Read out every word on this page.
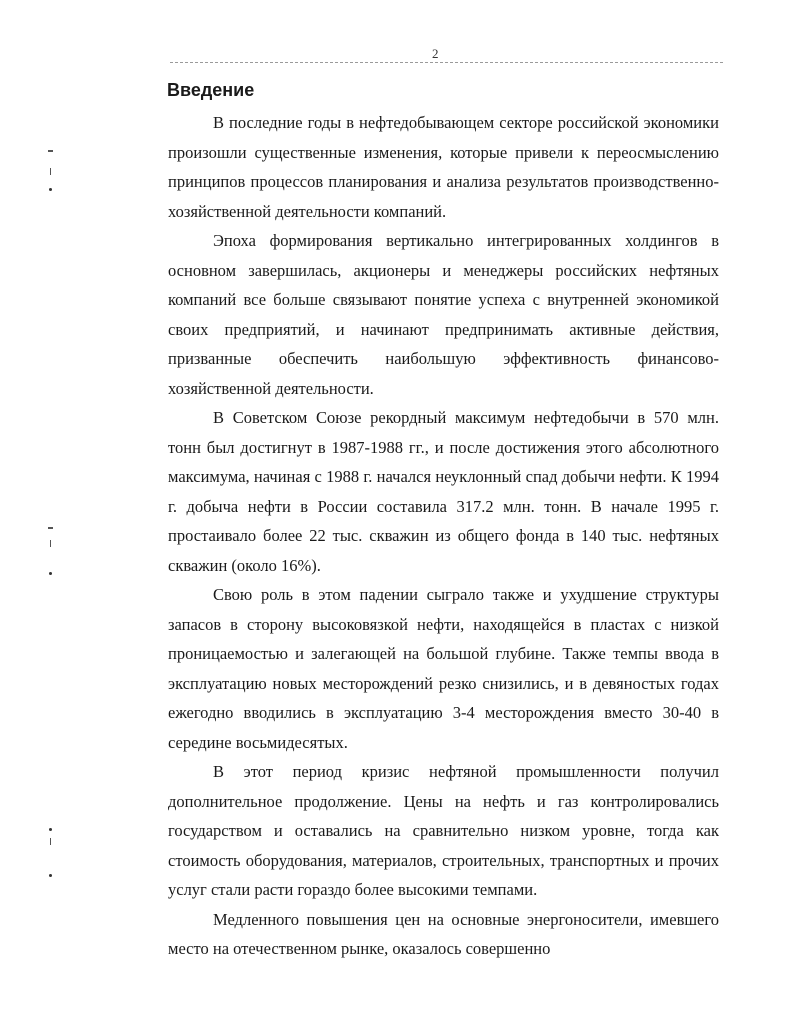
2
Введение

В последние годы в нефтедобывающем секторе российской экономики произошли существенные изменения, которые привели к переосмыслению принципов процессов планирования и анализа результатов производственно-хозяйственной деятельности компаний.

Эпоха формирования вертикально интегрированных холдингов в основном завершилась, акционеры и менеджеры российских нефтяных компаний все больше связывают понятие успеха с внутренней экономикой своих предприятий, и начинают предпринимать активные действия, призванные обеспечить наибольшую эффективность финансово-хозяйственной деятельности.

В Советском Союзе рекордный максимум нефтедобычи в 570 млн. тонн был достигнут в 1987-1988 гг., и после достижения этого абсолютного максимума, начиная с 1988 г. начался неуклонный спад добычи нефти. К 1994 г. добыча нефти в России составила 317.2 млн. тонн. В начале 1995 г. простаивало более 22 тыс. скважин из общего фонда в 140 тыс. нефтяных скважин (около 16%).

Свою роль в этом падении сыграло также и ухудшение структуры запасов в сторону высоковязкой нефти, находящейся в пластах с низкой проницаемостью и залегающей на большой глубине. Также темпы ввода в эксплуатацию новых месторождений резко снизились, и в девяностых годах ежегодно вводились в эксплуатацию 3-4 месторождения вместо 30-40 в середине восьмидесятых.

В этот период кризис нефтяной промышленности получил дополнительное продолжение. Цены на нефть и газ контролировались государством и оставались на сравнительно низком уровне, тогда как стоимость оборудования, материалов, строительных, транспортных и прочих услуг стали расти гораздо более высокими темпами.

Медленного повышения цен на основные энергоносители, имевшего место на отечественном рынке, оказалось совершенно
